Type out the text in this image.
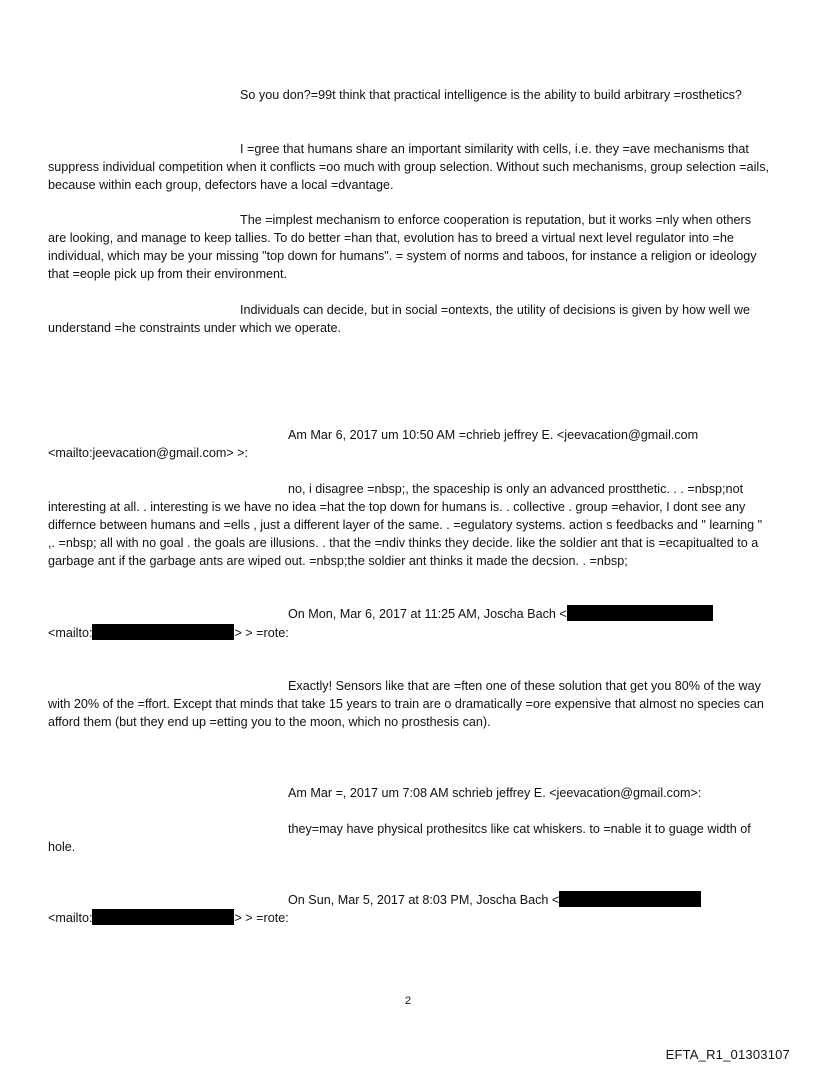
So you don?=99t think that practical intelligence is the ability to build arbitrary =rosthetics?

I =gree that humans share an important similarity with cells, i.e. they =ave mechanisms that suppress individual competition when it conflicts =oo much with group selection. Without such mechanisms, group selection =ails, because within each group, defectors have a local =dvantage.

The =implest mechanism to enforce cooperation is reputation, but it works =nly when others are looking, and manage to keep tallies. To do better =han that, evolution has to breed a virtual next level regulator into =he individual, which may be your missing "top down for humans". = system of norms and taboos, for instance a religion or ideology that =eople pick up from their environment.

Individuals can decide, but in social =ontexts, the utility of decisions is given by how well we understand =he constraints under which we operate.

Am Mar 6, 2017 um 10:50 AM =chrieb jeffrey E. <jeevacation@gmail.com <mailto:jeevacation@gmail.com> >:

no, i disagree =nbsp;, the spaceship is only an advanced prostthetic. . . =nbsp;not interesting at all. . interesting is we have no idea =hat the top down for humans is. . collective . group =ehavior, I dont see any differnce between humans and =ells , just a different layer of the same. . =egulatory systems. action s feedbacks and " learning " ,. =nbsp; all with no goal . the goals are illusions. . that the =ndiv thinks they decide. like the soldier ant that is =ecapitualted to a garbage ant if the garbage ants are wiped out. =nbsp;the soldier ant thinks it made the decsion. . =nbsp;

On Mon, Mar 6, 2017 at 11:25 AM, Joscha Bach <
<mailto:	> > =rote:

Exactly! Sensors like that are =ften one of these solution that get you 80% of the way with 20% of the =ffort. Except that minds that take 15 years to train are o dramatically =ore expensive that almost no species can afford them (but they end up =etting you to the moon, which no prosthesis can).

Am Mar =, 2017 um 7:08 AM schrieb jeffrey E. <jeevacation@gmail.com>:

they=may have physical prothesitcs like cat whiskers. to =nable it to guage width of hole.

On Sun, Mar 5, 2017 at 8:03 PM, Joscha Bach <
<mailto:	> > =rote:
2
EFTA_R1_01303107
